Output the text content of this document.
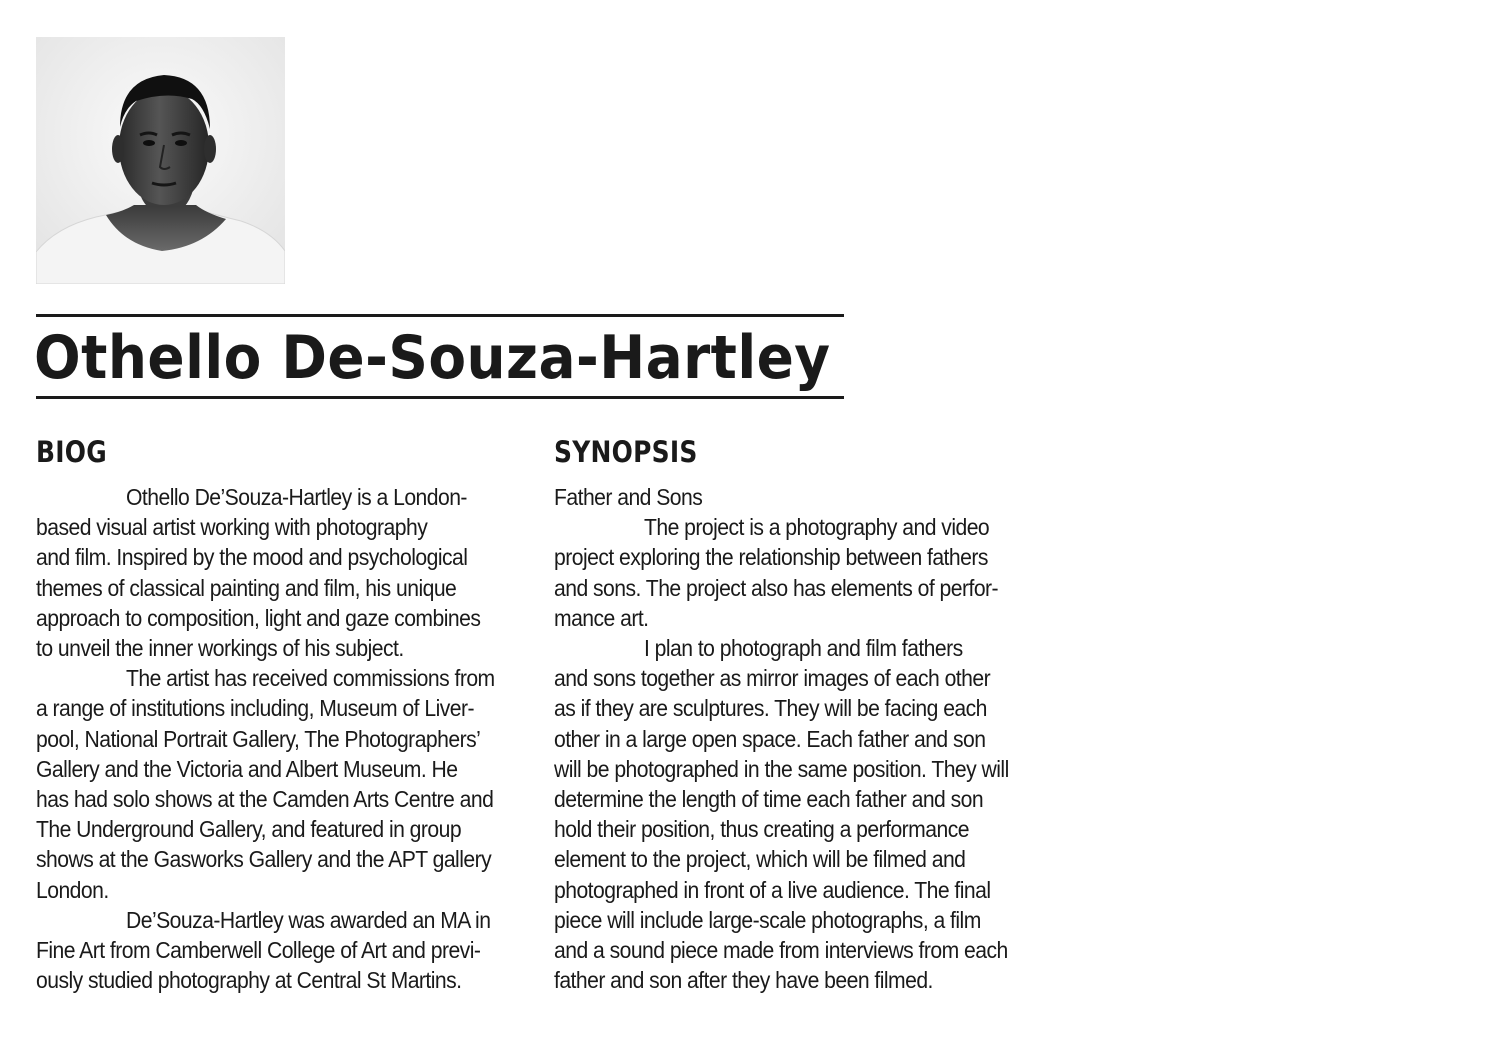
Othello De-Souza-Hartley
BIOG	SYNOPSIS
Othello De’Souza-Hartley is a London-
based visual artist working with photography
and film. Inspired by the mood and psychological
themes of classical painting and film, his unique
approach to composition, light and gaze combines
to unveil the inner workings of his subject.
The artist has received commissions from
a range of institutions including, Museum of Liver-
pool, National Portrait Gallery, The Photographers’
Gallery and the Victoria and Albert Museum. He
has had solo shows at the Camden Arts Centre and
The Underground Gallery, and featured in group
shows at the Gasworks Gallery and the APT gallery
London.
De’Souza-Hartley was awarded an MA in
Fine Art from Camberwell College of Art and previ-
ously studied photography at Central St Martins.
Father and Sons
The project is a photography and video
project exploring the relationship between fathers
and sons. The project also has elements of perfor-
mance art.
I plan to photograph and film fathers
and sons together as mirror images of each other
as if they are sculptures. They will be facing each
other in a large open space. Each father and son
will be photographed in the same position. They will
determine the length of time each father and son
hold their position, thus creating a performance
element to the project, which will be filmed and
photographed in front of a live audience. The final
piece will include large-scale photographs, a film
and a sound piece made from interviews from each
father and son after they have been filmed.
